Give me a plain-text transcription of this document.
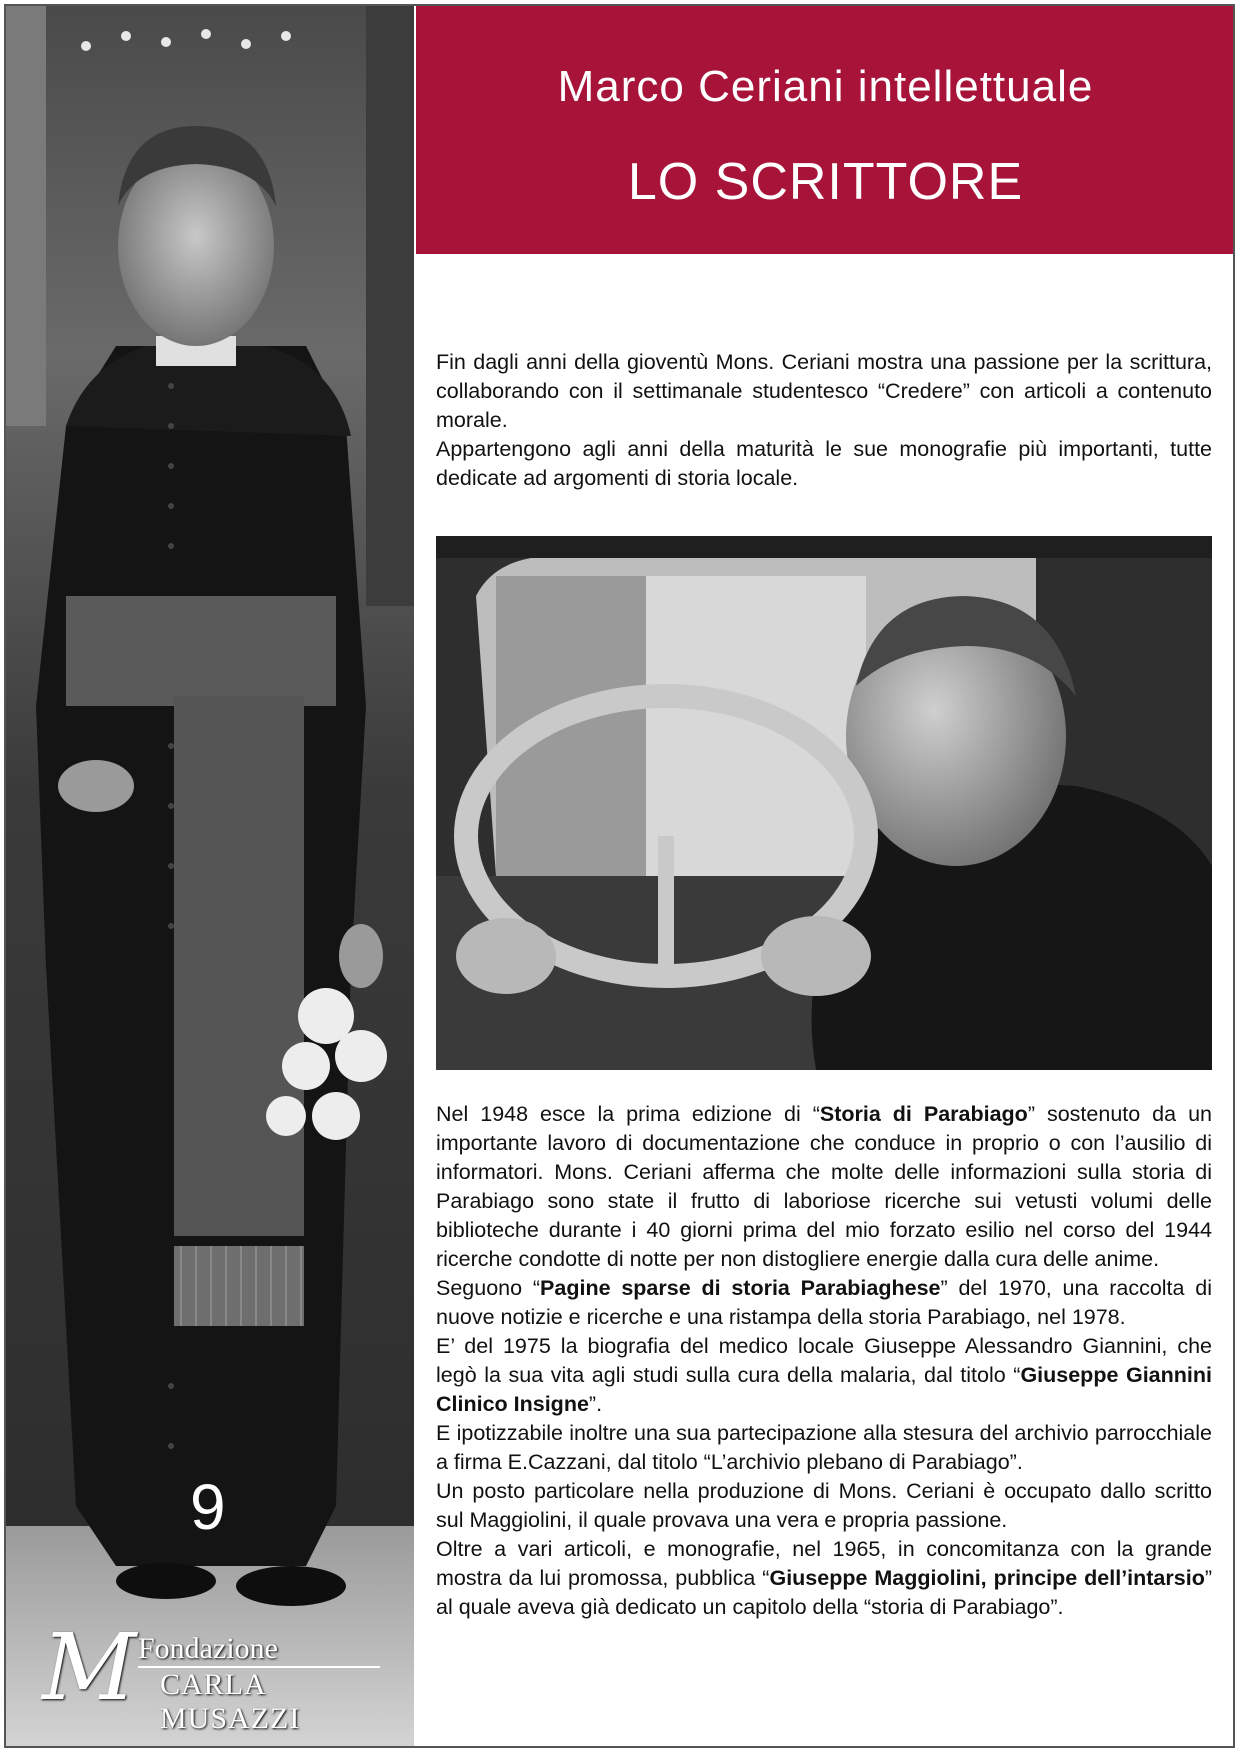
9
M Fondazione
CARLA MUSAZZI
Marco Ceriani intellettuale
LO SCRITTORE

Fin dagli anni della gioventù Mons. Ceriani mostra una passione per la scrittura, collaborando con il settimanale studentesco “Credere” con articoli a contenuto morale.

Appartengono agli anni della maturità le sue monografie più importanti, tutte dedicate ad argomenti di storia locale.

Nel 1948 esce la prima edizione di “Storia di Parabiago” sostenuto da un importante lavoro di documentazione che conduce in proprio o con l’ausilio di informatori. Mons. Ceriani afferma che molte delle informazioni sulla storia di Parabiago sono state il frutto di laboriose ricerche sui vetusti volumi delle biblioteche durante i 40 giorni prima del mio forzato esilio nel corso del 1944 ricerche condotte di notte per non distogliere energie dalla cura delle anime.

Seguono “Pagine sparse di storia Parabiaghese” del 1970, una raccolta di nuove notizie e ricerche e una ristampa della storia Parabiago, nel 1978.

E’ del 1975 la biografia del medico locale Giuseppe Alessandro Giannini, che legò la sua vita agli studi sulla cura della malaria, dal titolo “Giuseppe Giannini Clinico Insigne”.

E ipotizzabile inoltre una sua partecipazione alla stesura del archivio parrocchiale a firma E.Cazzani, dal titolo “L’archivio plebano di Parabiago”.

Un posto particolare nella produzione di Mons. Ceriani è occupato dallo scritto sul Maggiolini, il quale provava una vera e propria passione.

Oltre a vari articoli, e monografie, nel 1965, in concomitanza con la grande mostra da lui promossa, pubblica “Giuseppe Maggiolini, principe dell’intarsio” al quale aveva già dedicato un capitolo della “storia di Parabiago”.
